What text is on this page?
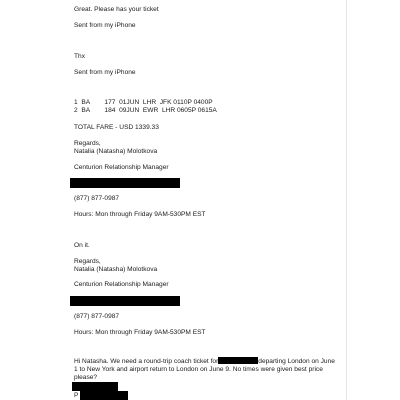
Great. Please has your ticket
Sent from my iPhone
Thx
Sent from my iPhone
1  BA        177  01JUN  LHR  JFK 0110P 0400P
2  BA        184  09JUN  EWR  LHR 0605P 0615A
TOTAL FARE - USD 1339.33
Regards,
Natalia (Natasha) Molotkova
Centurion Relationship Manager
(877) 877-0987
Hours: Mon through Friday 9AM-530PM EST
On it.
Regards,
Natalia (Natasha) Molotkova
Centurion Relationship Manager
(877) 877-0987
Hours: Mon through Friday 9AM-530PM EST
Hi Natasha. We need a round-trip coach ticket for	departing London on June 1 to New York and airport return to London on June 9. No times were given best price please?
P
